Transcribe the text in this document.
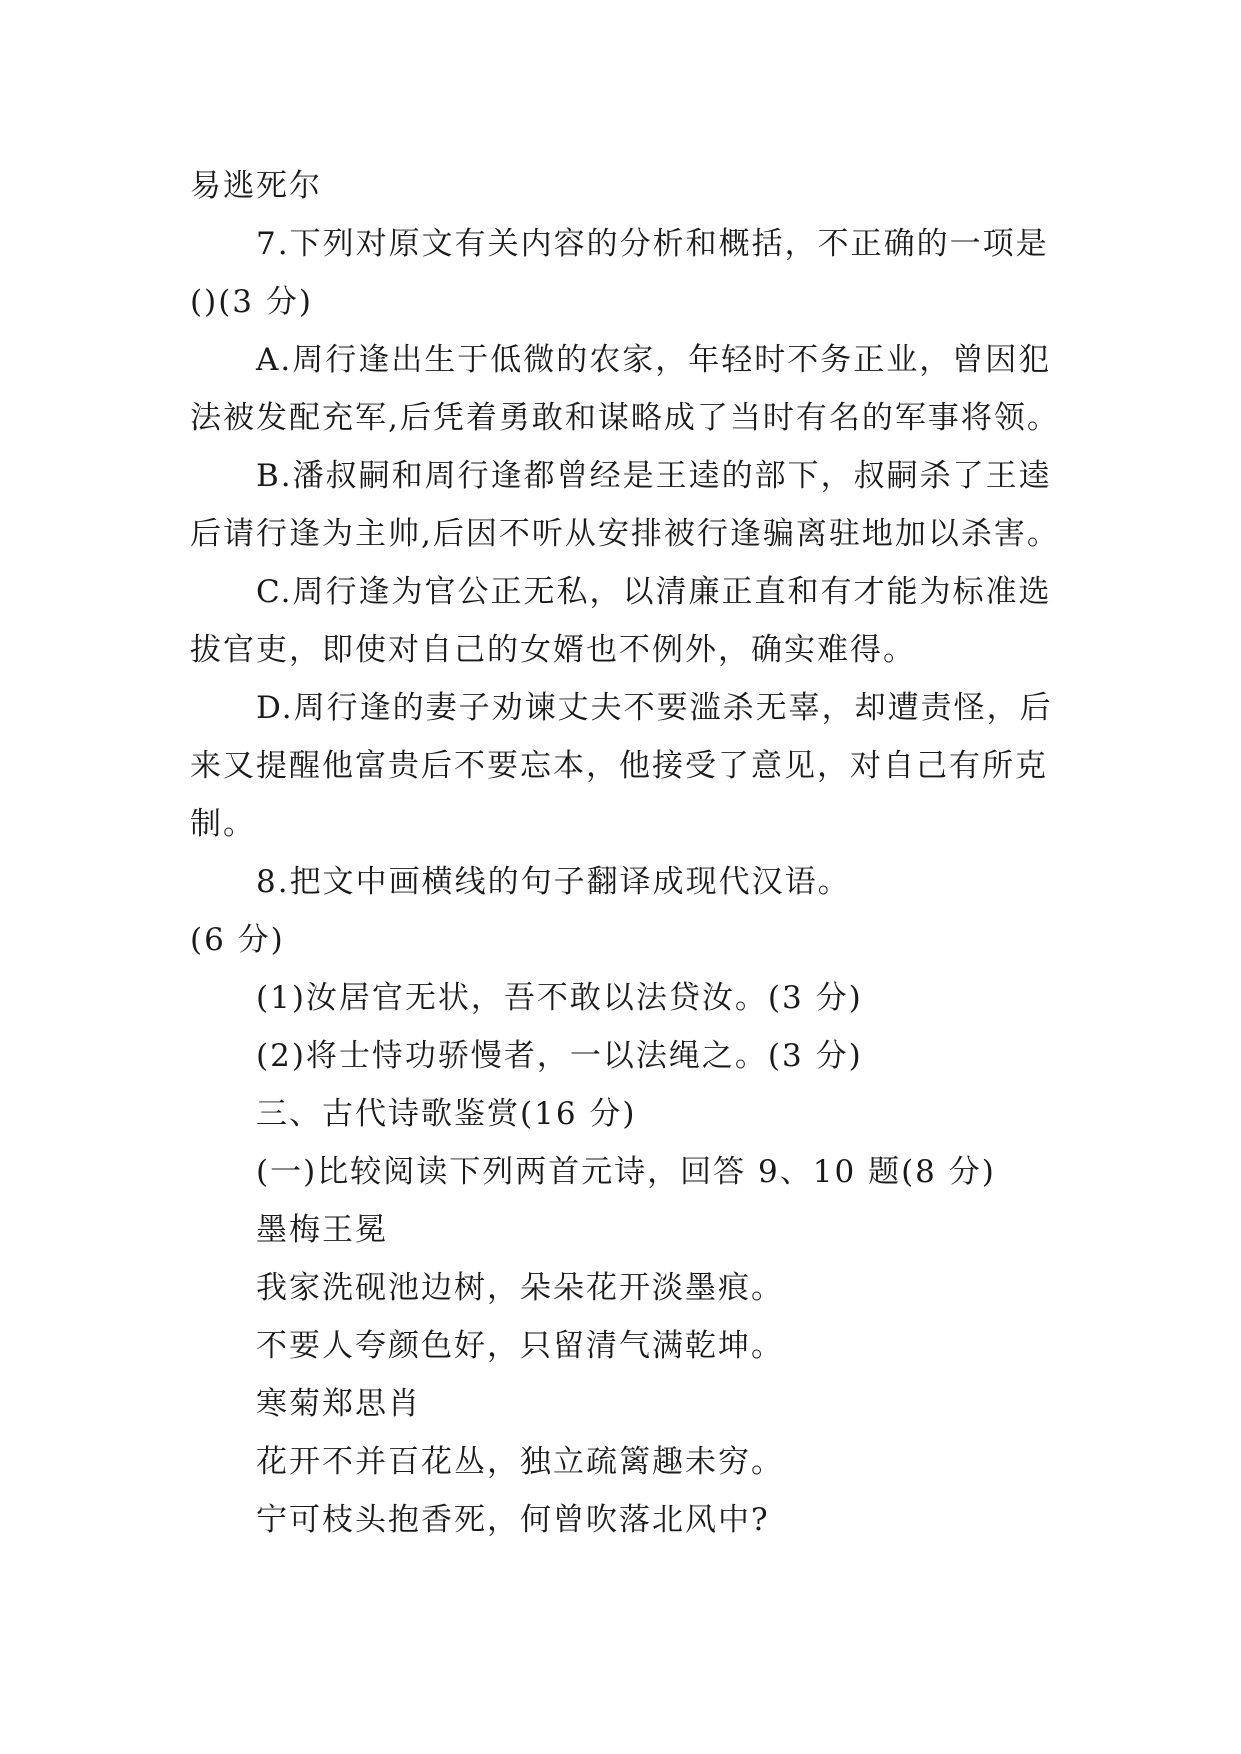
易逃死尔
7.下列对原文有关内容的分析和概括，不正确的一项是
()(3 分)
A.周行逢出生于低微的农家，年轻时不务正业，曾因犯
法被发配充军,后凭着勇敢和谋略成了当时有名的军事将领。
B.潘叔嗣和周行逢都曾经是王逵的部下，叔嗣杀了王逵
后请行逢为主帅,后因不听从安排被行逢骗离驻地加以杀害。
C.周行逢为官公正无私，以清廉正直和有才能为标准选
拔官吏，即使对自己的女婿也不例外，确实难得。
D.周行逢的妻子劝谏丈夫不要滥杀无辜，却遭责怪，后
来又提醒他富贵后不要忘本，他接受了意见，对自己有所克
制。
8.把文中画横线的句子翻译成现代汉语。
(6 分)
(1)汝居官无状，吾不敢以法贷汝。(3 分)
(2)将士恃功骄慢者，一以法绳之。(3 分)
三、古代诗歌鉴赏(16 分)
(一)比较阅读下列两首元诗，回答 9、10 题(8 分)
墨梅王冕
我家洗砚池边树，朵朵花开淡墨痕。
不要人夸颜色好，只留清气满乾坤。
寒菊郑思肖
花开不并百花丛，独立疏篱趣未穷。
宁可枝头抱香死，何曾吹落北风中?
